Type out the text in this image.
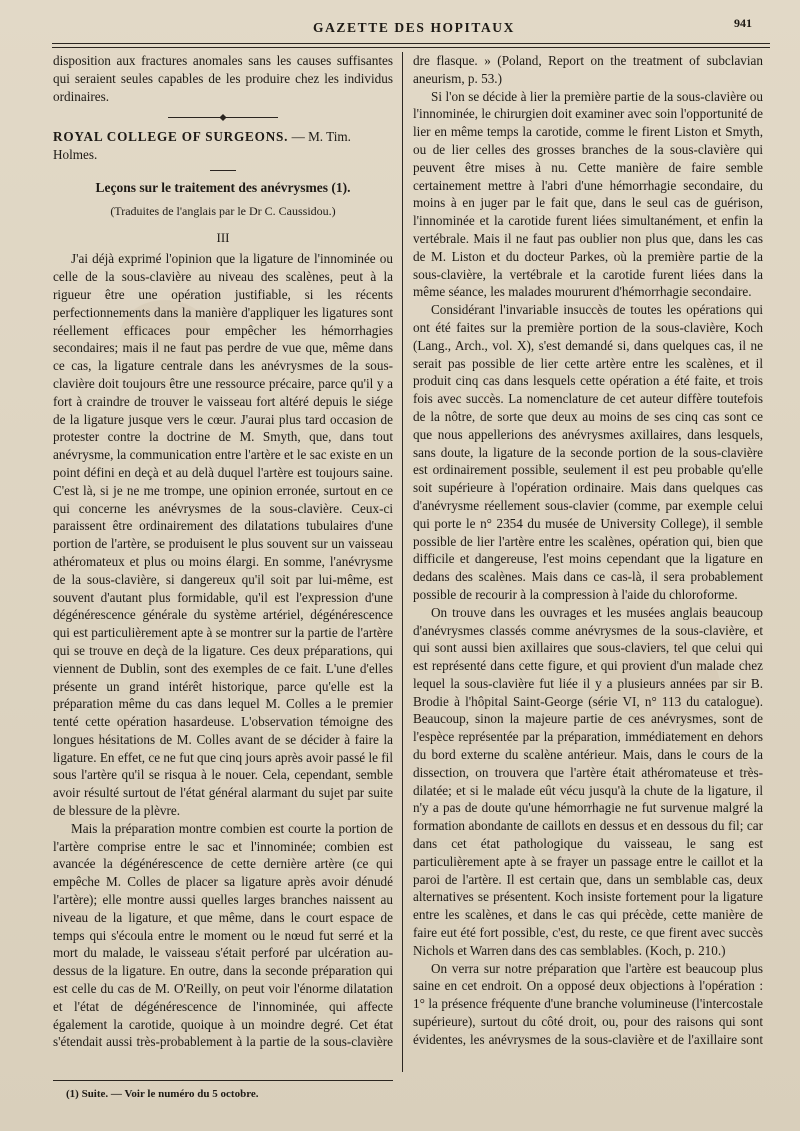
GAZETTE DES HOPITAUX	941

disposition aux fractures anomales sans les causes suffisantes qui seraient seules capables de les produire chez les individus ordinaires.

ROYAL COLLEGE OF SURGEONS. — M. Tim. Holmes.
Leçons sur le traitement des anévrysmes (1).
(Traduites de l'anglais par le Dr C. Caussidou.)
III

J'ai déjà exprimé l'opinion que la ligature de l'innominée ou celle de la sous-clavière au niveau des scalènes, peut à la rigueur être une opération justifiable, si les récents perfectionnements dans la manière d'appliquer les ligatures sont réellement efficaces pour empêcher les hémorrhagies secondaires; mais il ne faut pas perdre de vue que, même dans ce cas, la ligature centrale dans les anévrysmes de la sous-clavière doit toujours être une ressource précaire, parce qu'il y a fort à craindre de trouver le vaisseau fort altéré depuis le siége de la ligature jusque vers le cœur. J'aurai plus tard occasion de protester contre la doctrine de M. Smyth, que, dans tout anévrysme, la communication entre l'artère et le sac existe en un point défini en deçà et au delà duquel l'artère est toujours saine. C'est là, si je ne me trompe, une opinion erronée, surtout en ce qui concerne les anévrysmes de la sous-clavière. Ceux-ci paraissent être ordinairement des dilatations tubulaires d'une portion de l'artère, se produisent le plus souvent sur un vaisseau athéromateux et plus ou moins élargi. En somme, l'anévrysme de la sous-clavière, si dangereux qu'il soit par lui-même, est souvent d'autant plus formidable, qu'il est l'expression d'une dégénérescence générale du système artériel, dégénérescence qui est particulièrement apte à se montrer sur la partie de l'artère qui se trouve en deçà de la ligature. Ces deux préparations, qui viennent de Dublin, sont des exemples de ce fait. L'une d'elles présente un grand intérêt historique, parce qu'elle est la préparation même du cas dans lequel M. Colles a le premier tenté cette opération hasardeuse. L'observation témoigne des longues hésitations de M. Colles avant de se décider à faire la ligature. En effet, ce ne fut que cinq jours après avoir passé le fil sous l'artère qu'il se risqua à le nouer. Cela, cependant, semble avoir résulté surtout de l'état général alarmant du sujet par suite de blessure de la plèvre.

Mais la préparation montre combien est courte la portion de l'artère comprise entre le sac et l'innominée; combien est avancée la dégénérescence de cette dernière artère (ce qui empêche M. Colles de placer sa ligature après avoir dénudé l'artère); elle montre aussi quelles larges branches naissent au niveau de la ligature, et que même, dans le court espace de temps qui s'écoula entre le moment ou le nœud fut serré et la mort du malade, le vaisseau s'était perforé par ulcération au-dessus de la ligature. En outre, dans la seconde préparation qui est celle du cas de M. O'Reilly, on peut voir l'énorme dilatation et l'état de dégénérescence de l'innominée, qui affecte également la carotide, quoique à un moindre degré. Cet état s'étendait aussi très-probablement à la partie de la sous-clavière

dre flasque. » (Poland, Report on the treatment of subclavian aneurism, p. 53.)

Si l'on se décide à lier la première partie de la sous-clavière ou l'innominée, le chirurgien doit examiner avec soin l'opportunité de lier en même temps la carotide, comme le firent Liston et Smyth, ou de lier celles des grosses branches de la sous-clavière qui peuvent être mises à nu. Cette manière de faire semble certainement mettre à l'abri d'une hémorrhagie secondaire, du moins à en juger par le fait que, dans le seul cas de guérison, l'innominée et la carotide furent liées simultanément, et enfin la vertébrale. Mais il ne faut pas oublier non plus que, dans les cas de M. Liston et du docteur Parkes, où la première partie de la sous-clavière, la vertébrale et la carotide furent liées dans la même séance, les malades moururent d'hémorrhagie secondaire.

Considérant l'invariable insuccès de toutes les opérations qui ont été faites sur la première portion de la sous-clavière, Koch (Lang., Arch., vol. X), s'est demandé si, dans quelques cas, il ne serait pas possible de lier cette artère entre les scalènes, et il produit cinq cas dans lesquels cette opération a été faite, et trois fois avec succès. La nomenclature de cet auteur diffère toutefois de la nôtre, de sorte que deux au moins de ses cinq cas sont ce que nous appellerions des anévrysmes axillaires, dans lesquels, sans doute, la ligature de la seconde portion de la sous-clavière est ordinairement possible, seulement il est peu probable qu'elle soit supérieure à l'opération ordinaire. Mais dans quelques cas d'anévrysme réellement sous-clavier (comme, par exemple celui qui porte le n° 2354 du musée de University College), il semble possible de lier l'artère entre les scalènes, opération qui, bien que difficile et dangereuse, l'est moins cependant que la ligature en dedans des scalènes. Mais dans ce cas-là, il sera probablement possible de recourir à la compression à l'aide du chloroforme.

On trouve dans les ouvrages et les musées anglais beaucoup d'anévrysmes classés comme anévrysmes de la sous-clavière, et qui sont aussi bien axillaires que sous-claviers, tel que celui qui est représenté dans cette figure, et qui provient d'un malade chez lequel la sous-clavière fut liée il y a plusieurs années par sir B. Brodie à l'hôpital Saint-George (série VI, n° 113 du catalogue). Beaucoup, sinon la majeure partie de ces anévrysmes, sont de l'espèce représentée par la préparation, immédiatement en dehors du bord externe du scalène antérieur. Mais, dans le cours de la dissection, on trouvera que l'artère était athéromateuse et très-dilatée; et si le malade eût vécu jusqu'à la chute de la ligature, il n'y a pas de doute qu'une hémorrhagie ne fut survenue malgré la formation abondante de caillots en dessus et en dessous du fil; car dans cet état pathologique du vaisseau, le sang est particulièrement apte à se frayer un passage entre le caillot et la paroi de l'artère. Il est certain que, dans un semblable cas, deux alternatives se présentent. Koch insiste fortement pour la ligature entre les scalènes, et dans le cas qui précède, cette manière de faire eut été fort possible, c'est, du reste, ce que firent avec succès Nichols et Warren dans des cas semblables. (Koch, p. 210.)

On verra sur notre préparation que l'artère est beaucoup plus saine en cet endroit. On a opposé deux objections à l'opération : 1° la présence fréquente d'une branche volumineuse (l'intercostale supérieure), surtout du côté droit, ou, pour des raisons qui sont évidentes, les anévrysmes de la sous-clavière et de l'axillaire sont

(1) Suite. — Voir le numéro du 5 octobre.
